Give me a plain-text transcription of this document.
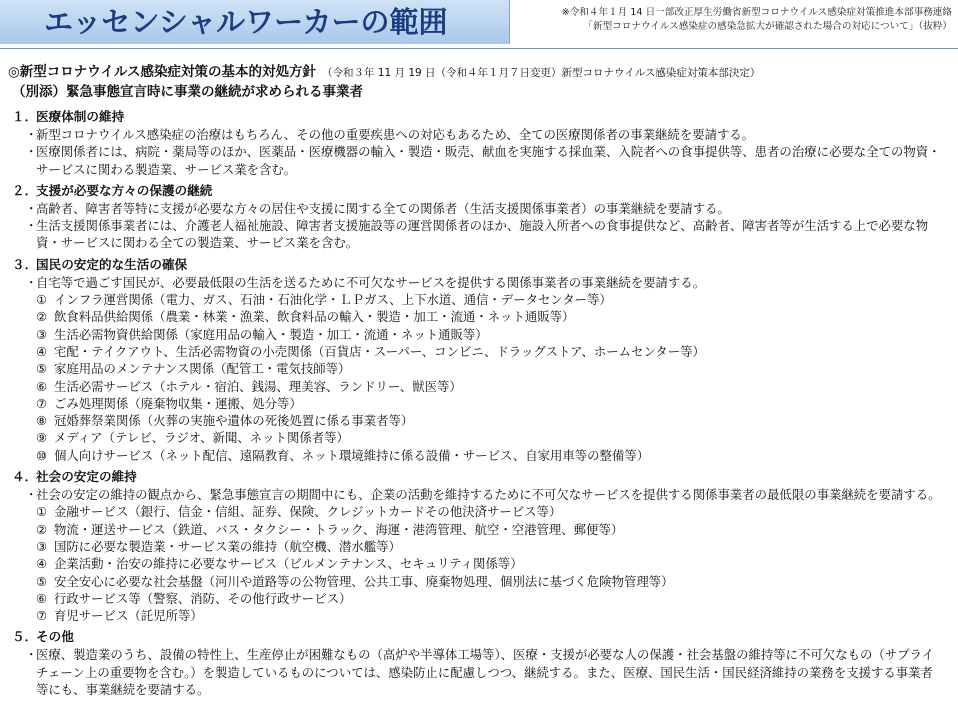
エッセンシャルワーカーの範囲	※令和４年１月 14 日一部改正厚生労働省新型コロナウイルス感染症対策推進本部事務連絡
「新型コロナウイルス感染症の感染急拡大が確認された場合の対応について」（抜粋）
◎新型コロナウイルス感染症対策の基本的対処方針 （令和３年 11 月 19 日（令和４年１月７日変更）新型コロナウイルス感染症対策本部決定）
（別添）緊急事態宣言時に事業の継続が求められる事業者
１．医療体制の維持
・
新型コロナウイルス感染症の治療はもちろん、その他の重要疾患への対応もあるため、全ての医療関係者の事業継続を要請する。
・
医療関係者には、病院・薬局等のほか、医薬品・医療機器の輸入・製造・販売、献血を実施する採血業、入院者への食事提供等、患者の治療に必要な全ての物資・サービスに関わる製造業、サービス業を含む。
２．支援が必要な方々の保護の継続
・
高齢者、障害者等特に支援が必要な方々の居住や支援に関する全ての関係者（生活支援関係事業者）の事業継続を要請する。
・
生活支援関係事業者には、介護老人福祉施設、障害者支援施設等の運営関係者のほか、施設入所者への食事提供など、高齢者、障害者等が生活する上で必要な物資・サービスに関わる全ての製造業、サービス業を含む。
３．国民の安定的な生活の確保
・
自宅等で過ごす国民が、必要最低限の生活を送るために不可欠なサービスを提供する関係事業者の事業継続を要請する。
① インフラ運営関係（電力、ガス、石油・石油化学・ＬＰガス、上下水道、通信・データセンター等）
② 飲食料品供給関係（農業・林業・漁業、飲食料品の輸入・製造・加工・流通・ネット通販等）
③ 生活必需物資供給関係（家庭用品の輸入・製造・加工・流通・ネット通販等）
④ 宅配・テイクアウト、生活必需物資の小売関係（百貨店・スーパー、コンビニ、ドラッグストア、ホームセンター等）
⑤ 家庭用品のメンテナンス関係（配管工・電気技師等）
⑥ 生活必需サービス（ホテル・宿泊、銭湯、理美容、ランドリー、獣医等）
⑦ ごみ処理関係（廃棄物収集・運搬、処分等）
⑧ 冠婚葬祭業関係（火葬の実施や遺体の死後処置に係る事業者等）
⑨ メディア（テレビ、ラジオ、新聞、ネット関係者等）
⑩ 個人向けサービス（ネット配信、遠隔教育、ネット環境維持に係る設備・サービス、自家用車等の整備等）
４．社会の安定の維持
・
社会の安定の維持の観点から、緊急事態宣言の期間中にも、企業の活動を維持するために不可欠なサービスを提供する関係事業者の最低限の事業継続を要請する。
① 金融サービス（銀行、信金・信組、証券、保険、クレジットカードその他決済サービス等）
② 物流・運送サービス（鉄道、バス・タクシー・トラック、海運・港湾管理、航空・空港管理、郵便等）
③ 国防に必要な製造業・サービス業の維持（航空機、潜水艦等）
④ 企業活動・治安の維持に必要なサービス（ビルメンテナンス、セキュリティ関係等）
⑤ 安全安心に必要な社会基盤（河川や道路等の公物管理、公共工事、廃棄物処理、個別法に基づく危険物管理等）
⑥ 行政サービス等（警察、消防、その他行政サービス）
⑦ 育児サービス（託児所等）
５．その他
・
医療、製造業のうち、設備の特性上、生産停止が困難なもの（高炉や半導体工場等）、医療・支援が必要な人の保護・社会基盤の維持等に不可欠なもの（サプライチェーン上の重要物を含む。）を製造しているものについては、感染防止に配慮しつつ、継続する。また、医療、国民生活・国民経済維持の業務を支援する事業者等にも、事業継続を要請する。
